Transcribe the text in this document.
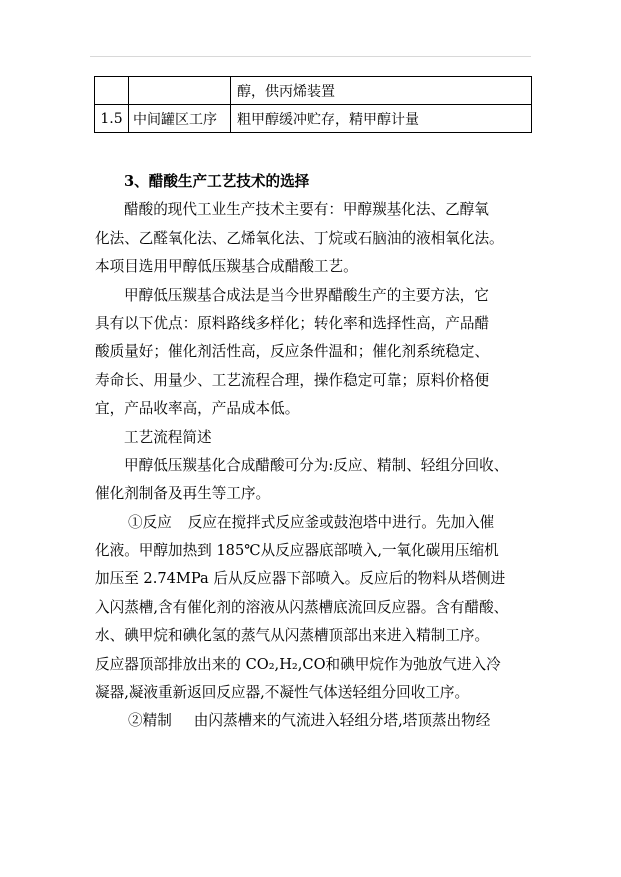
		醇，供丙烯装置
1.5	中间罐区工序	粗甲醇缓冲贮存，精甲醇计量
3、醋酸生产工艺技术的选择
醋酸的现代工业生产技术主要有：甲醇羰基化法、乙醇氧
化法、乙醛氧化法、乙烯氧化法、丁烷或石脑油的液相氧化法。
本项目选用甲醇低压羰基合成醋酸工艺。
甲醇低压羰基合成法是当今世界醋酸生产的主要方法，它
具有以下优点：原料路线多样化；转化率和选择性高，产品醋
酸质量好；催化剂活性高，反应条件温和；催化剂系统稳定、
寿命长、用量少、工艺流程合理，操作稳定可靠；原料价格便
宜，产品收率高，产品成本低。
工艺流程简述
甲醇低压羰基化合成醋酸可分为:反应、精制、轻组分回收、
催化剂制备及再生等工序。
①反应 反应在搅拌式反应釜或鼓泡塔中进行。先加入催
化液。甲醇加热到 185℃从反应器底部喷入,一氧化碳用压缩机
加压至 2.74MPa 后从反应器下部喷入。反应后的物料从塔侧进
入闪蒸槽,含有催化剂的溶液从闪蒸槽底流回反应器。含有醋酸、
水、碘甲烷和碘化氢的蒸气从闪蒸槽顶部出来进入精制工序。
反应器顶部排放出来的 CO₂,H₂,CO和碘甲烷作为弛放气进入冷
凝器,凝液重新返回反应器,不凝性气体送轻组分回收工序。
②精制 由闪蒸槽来的气流进入轻组分塔,塔顶蒸出物经
